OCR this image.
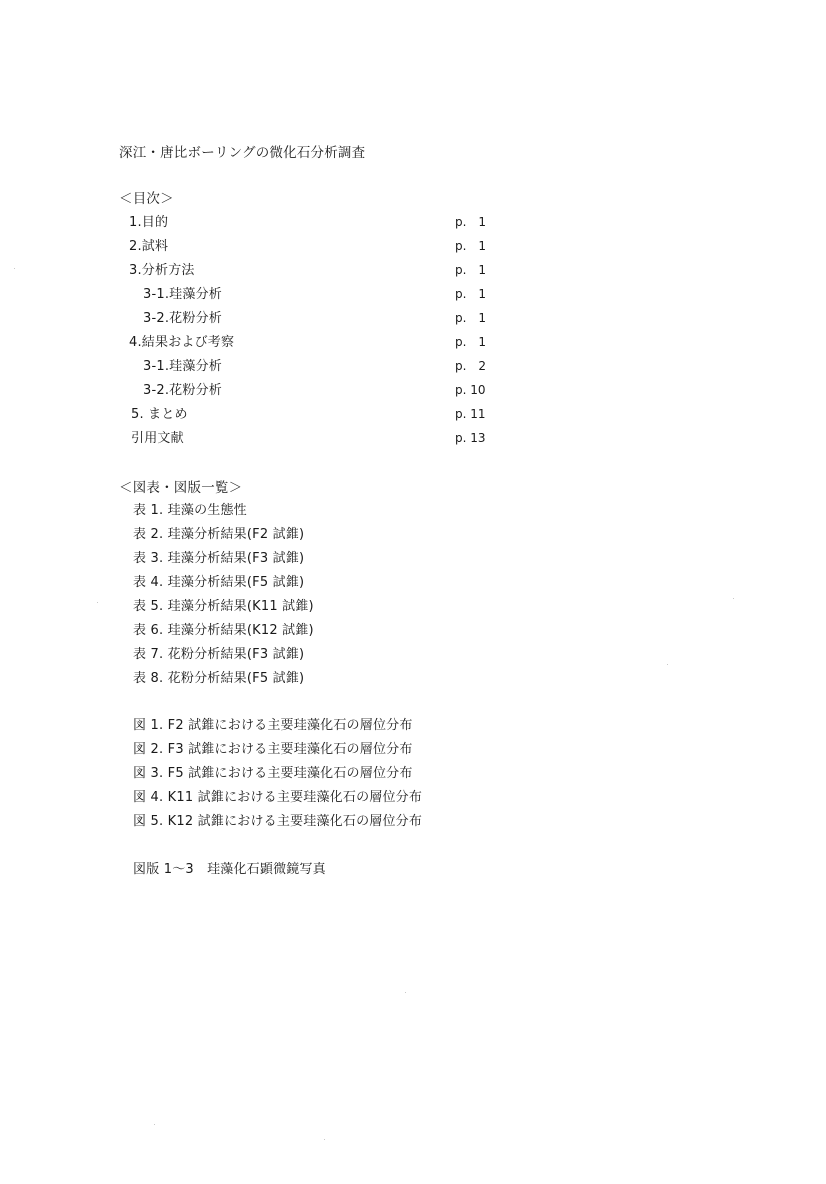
深江・唐比ボーリングの微化石分析調査
＜目次＞
1.目的	p.　1
2.試料	p.　1
3.分析方法	p.　1
3-1.珪藻分析	p.　1
3-2.花粉分析	p.　1
4.結果および考察	p.　1
3-1.珪藻分析	p.　2
3-2.花粉分析	p. 10
5. まとめ	p. 11
引用文献	p. 13
＜図表・図版一覧＞
表 1. 珪藻の生態性
表 2. 珪藻分析結果(F2 試錐)
表 3. 珪藻分析結果(F3 試錐)
表 4. 珪藻分析結果(F5 試錐)
表 5. 珪藻分析結果(K11 試錐)
表 6. 珪藻分析結果(K12 試錐)
表 7. 花粉分析結果(F3 試錐)
表 8. 花粉分析結果(F5 試錐)
図 1. F2 試錐における主要珪藻化石の層位分布
図 2. F3 試錐における主要珪藻化石の層位分布
図 3. F5 試錐における主要珪藻化石の層位分布
図 4. K11 試錐における主要珪藻化石の層位分布
図 5. K12 試錐における主要珪藻化石の層位分布
図版 1～3　珪藻化石顕微鏡写真
